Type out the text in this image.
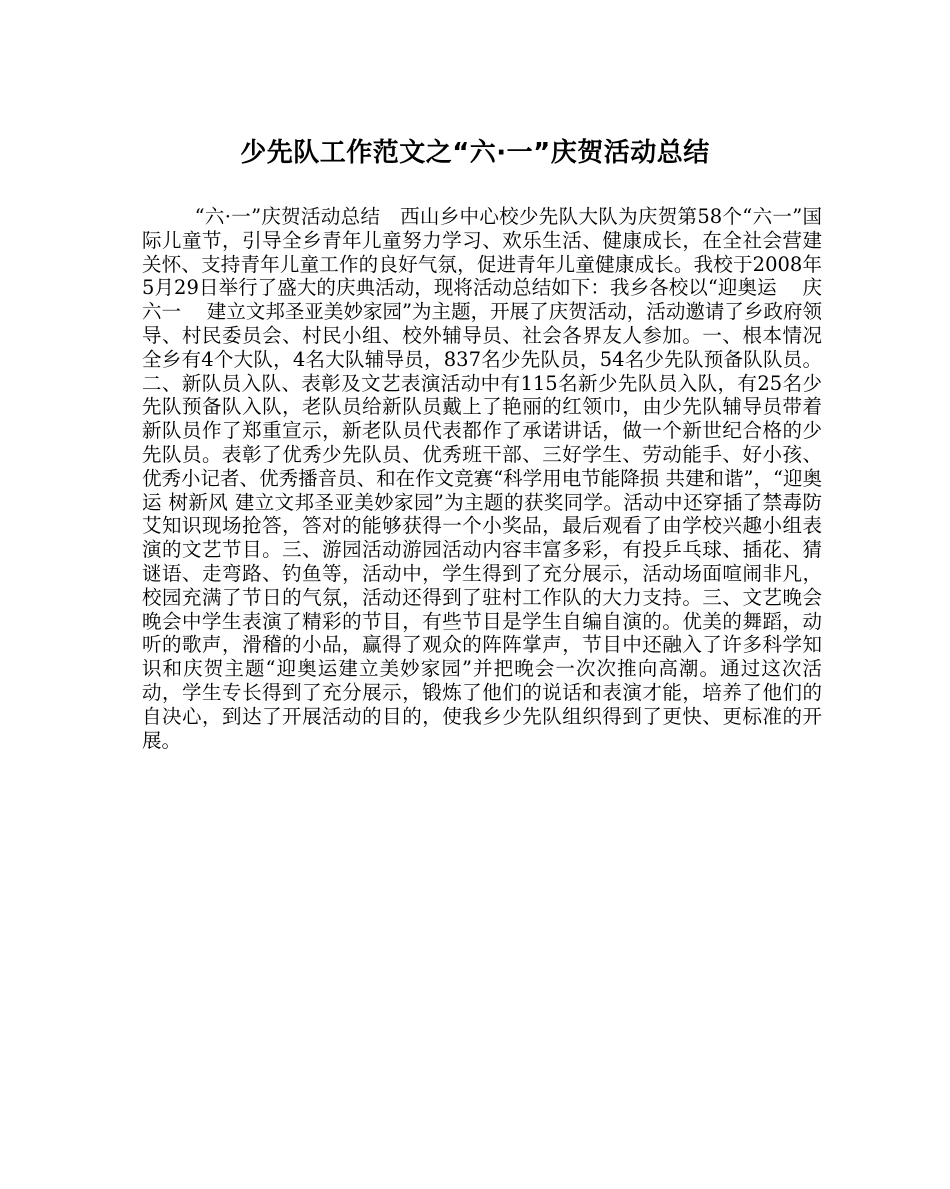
少先队工作范文之“六·一”庆贺活动总结

“六·一”庆贺活动总结　西山乡中心校少先队大队为庆贺第58个“六一”国际儿童节，引导全乡青年儿童努力学习、欢乐生活、健康成长，在全社会营建关怀、支持青年儿童工作的良好气氛，促进青年儿童健康成长。我校于2008年5月29日举行了盛大的庆典活动，现将活动总结如下：我乡各校以“迎奥运　 庆六一　 建立文邦圣亚美妙家园”为主题，开展了庆贺活动，活动邀请了乡政府领导、村民委员会、村民小组、校外辅导员、社会各界友人参加。一、根本情况全乡有4个大队，4名大队辅导员，837名少先队员，54名少先队预备队队员。二、新队员入队、表彰及文艺表演活动中有115名新少先队员入队，有25名少先队预备队入队，老队员给新队员戴上了艳丽的红领巾，由少先队辅导员带着新队员作了郑重宣示，新老队员代表都作了承诺讲话，做一个新世纪合格的少先队员。表彰了优秀少先队员、优秀班干部、三好学生、劳动能手、好小孩、优秀小记者、优秀播音员、和在作文竞赛“科学用电节能降损 共建和谐”，“迎奥运 树新风 建立文邦圣亚美妙家园”为主题的获奖同学。活动中还穿插了禁毒防艾知识现场抢答，答对的能够获得一个小奖品，最后观看了由学校兴趣小组表演的文艺节目。三、游园活动游园活动内容丰富多彩，有投乒乓球、插花、猜谜语、走弯路、钓鱼等，活动中，学生得到了充分展示，活动场面喧闹非凡，校园充满了节日的气氛，活动还得到了驻村工作队的大力支持。三、文艺晚会晚会中学生表演了精彩的节目，有些节目是学生自编自演的。优美的舞蹈，动听的歌声，滑稽的小品，赢得了观众的阵阵掌声，节目中还融入了许多科学知识和庆贺主题“迎奥运建立美妙家园”并把晚会一次次推向高潮。通过这次活动，学生专长得到了充分展示，锻炼了他们的说话和表演才能，培养了他们的自决心，到达了开展活动的目的，使我乡少先队组织得到了更快、更标准的开展。
